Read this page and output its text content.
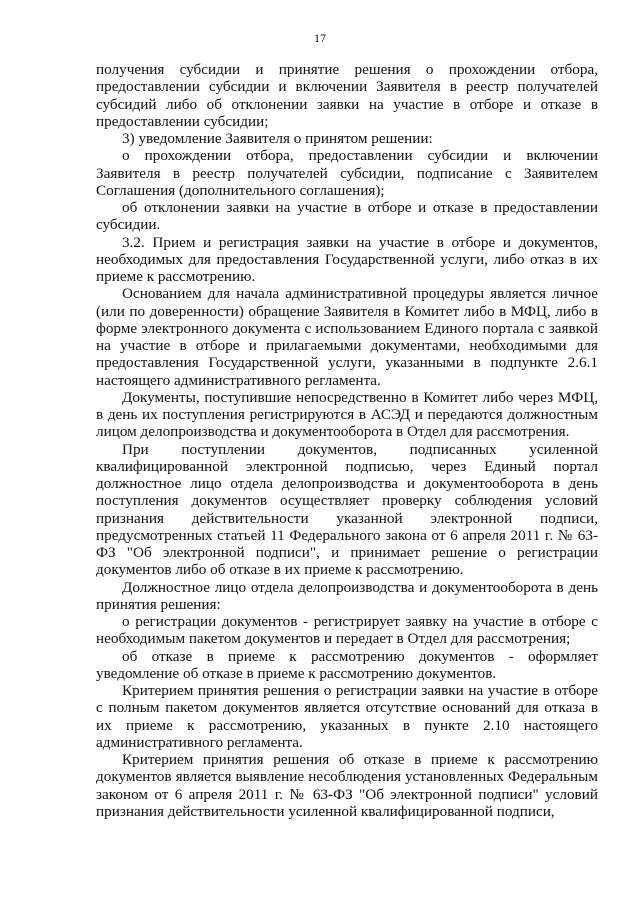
17

получения субсидии и принятие решения о прохождении отбора, предоставлении субсидии и включении Заявителя в реестр получателей субсидий либо об отклонении заявки на участие в отборе и отказе в предоставлении субсидии;

3) уведомление Заявителя о принятом решении:

о прохождении отбора, предоставлении субсидии и включении Заявителя в реестр получателей субсидии, подписание с Заявителем Соглашения (дополнительного соглашения);

об отклонении заявки на участие в отборе и отказе в предоставлении субсидии.

3.2. Прием и регистрация заявки на участие в отборе и документов, необходимых для предоставления Государственной услуги, либо отказ в их приеме к рассмотрению.

Основанием для начала административной процедуры является личное (или по доверенности) обращение Заявителя в Комитет либо в МФЦ, либо в форме электронного документа с использованием Единого портала с заявкой на участие в отборе и прилагаемыми документами, необходимыми для предоставления Государственной услуги, указанными в подпункте 2.6.1 настоящего административного регламента.

Документы, поступившие непосредственно в Комитет либо через МФЦ, в день их поступления регистрируются в АСЭД и передаются должностным лицом делопроизводства и документооборота в Отдел для рассмотрения.

При поступлении документов, подписанных усиленной квалифицированной электронной подписью, через Единый портал должностное лицо отдела делопроизводства и документооборота в день поступления документов осуществляет проверку соблюдения условий признания действительности указанной электронной подписи, предусмотренных статьей 11 Федерального закона от 6 апреля 2011 г. № 63-ФЗ "Об электронной подписи", и принимает решение о регистрации документов либо об отказе в их приеме к рассмотрению.

Должностное лицо отдела делопроизводства и документооборота в день принятия решения:

о регистрации документов - регистрирует заявку на участие в отборе с необходимым пакетом документов и передает в Отдел для рассмотрения;

об отказе в приеме к рассмотрению документов - оформляет уведомление об отказе в приеме к рассмотрению документов.

Критерием принятия решения о регистрации заявки на участие в отборе с полным пакетом документов является отсутствие оснований для отказа в их приеме к рассмотрению, указанных в пункте 2.10 настоящего административного регламента.

Критерием принятия решения об отказе в приеме к рассмотрению документов является выявление несоблюдения установленных Федеральным законом от 6 апреля 2011 г. № 63-ФЗ "Об электронной подписи" условий признания действительности усиленной квалифицированной подписи,
